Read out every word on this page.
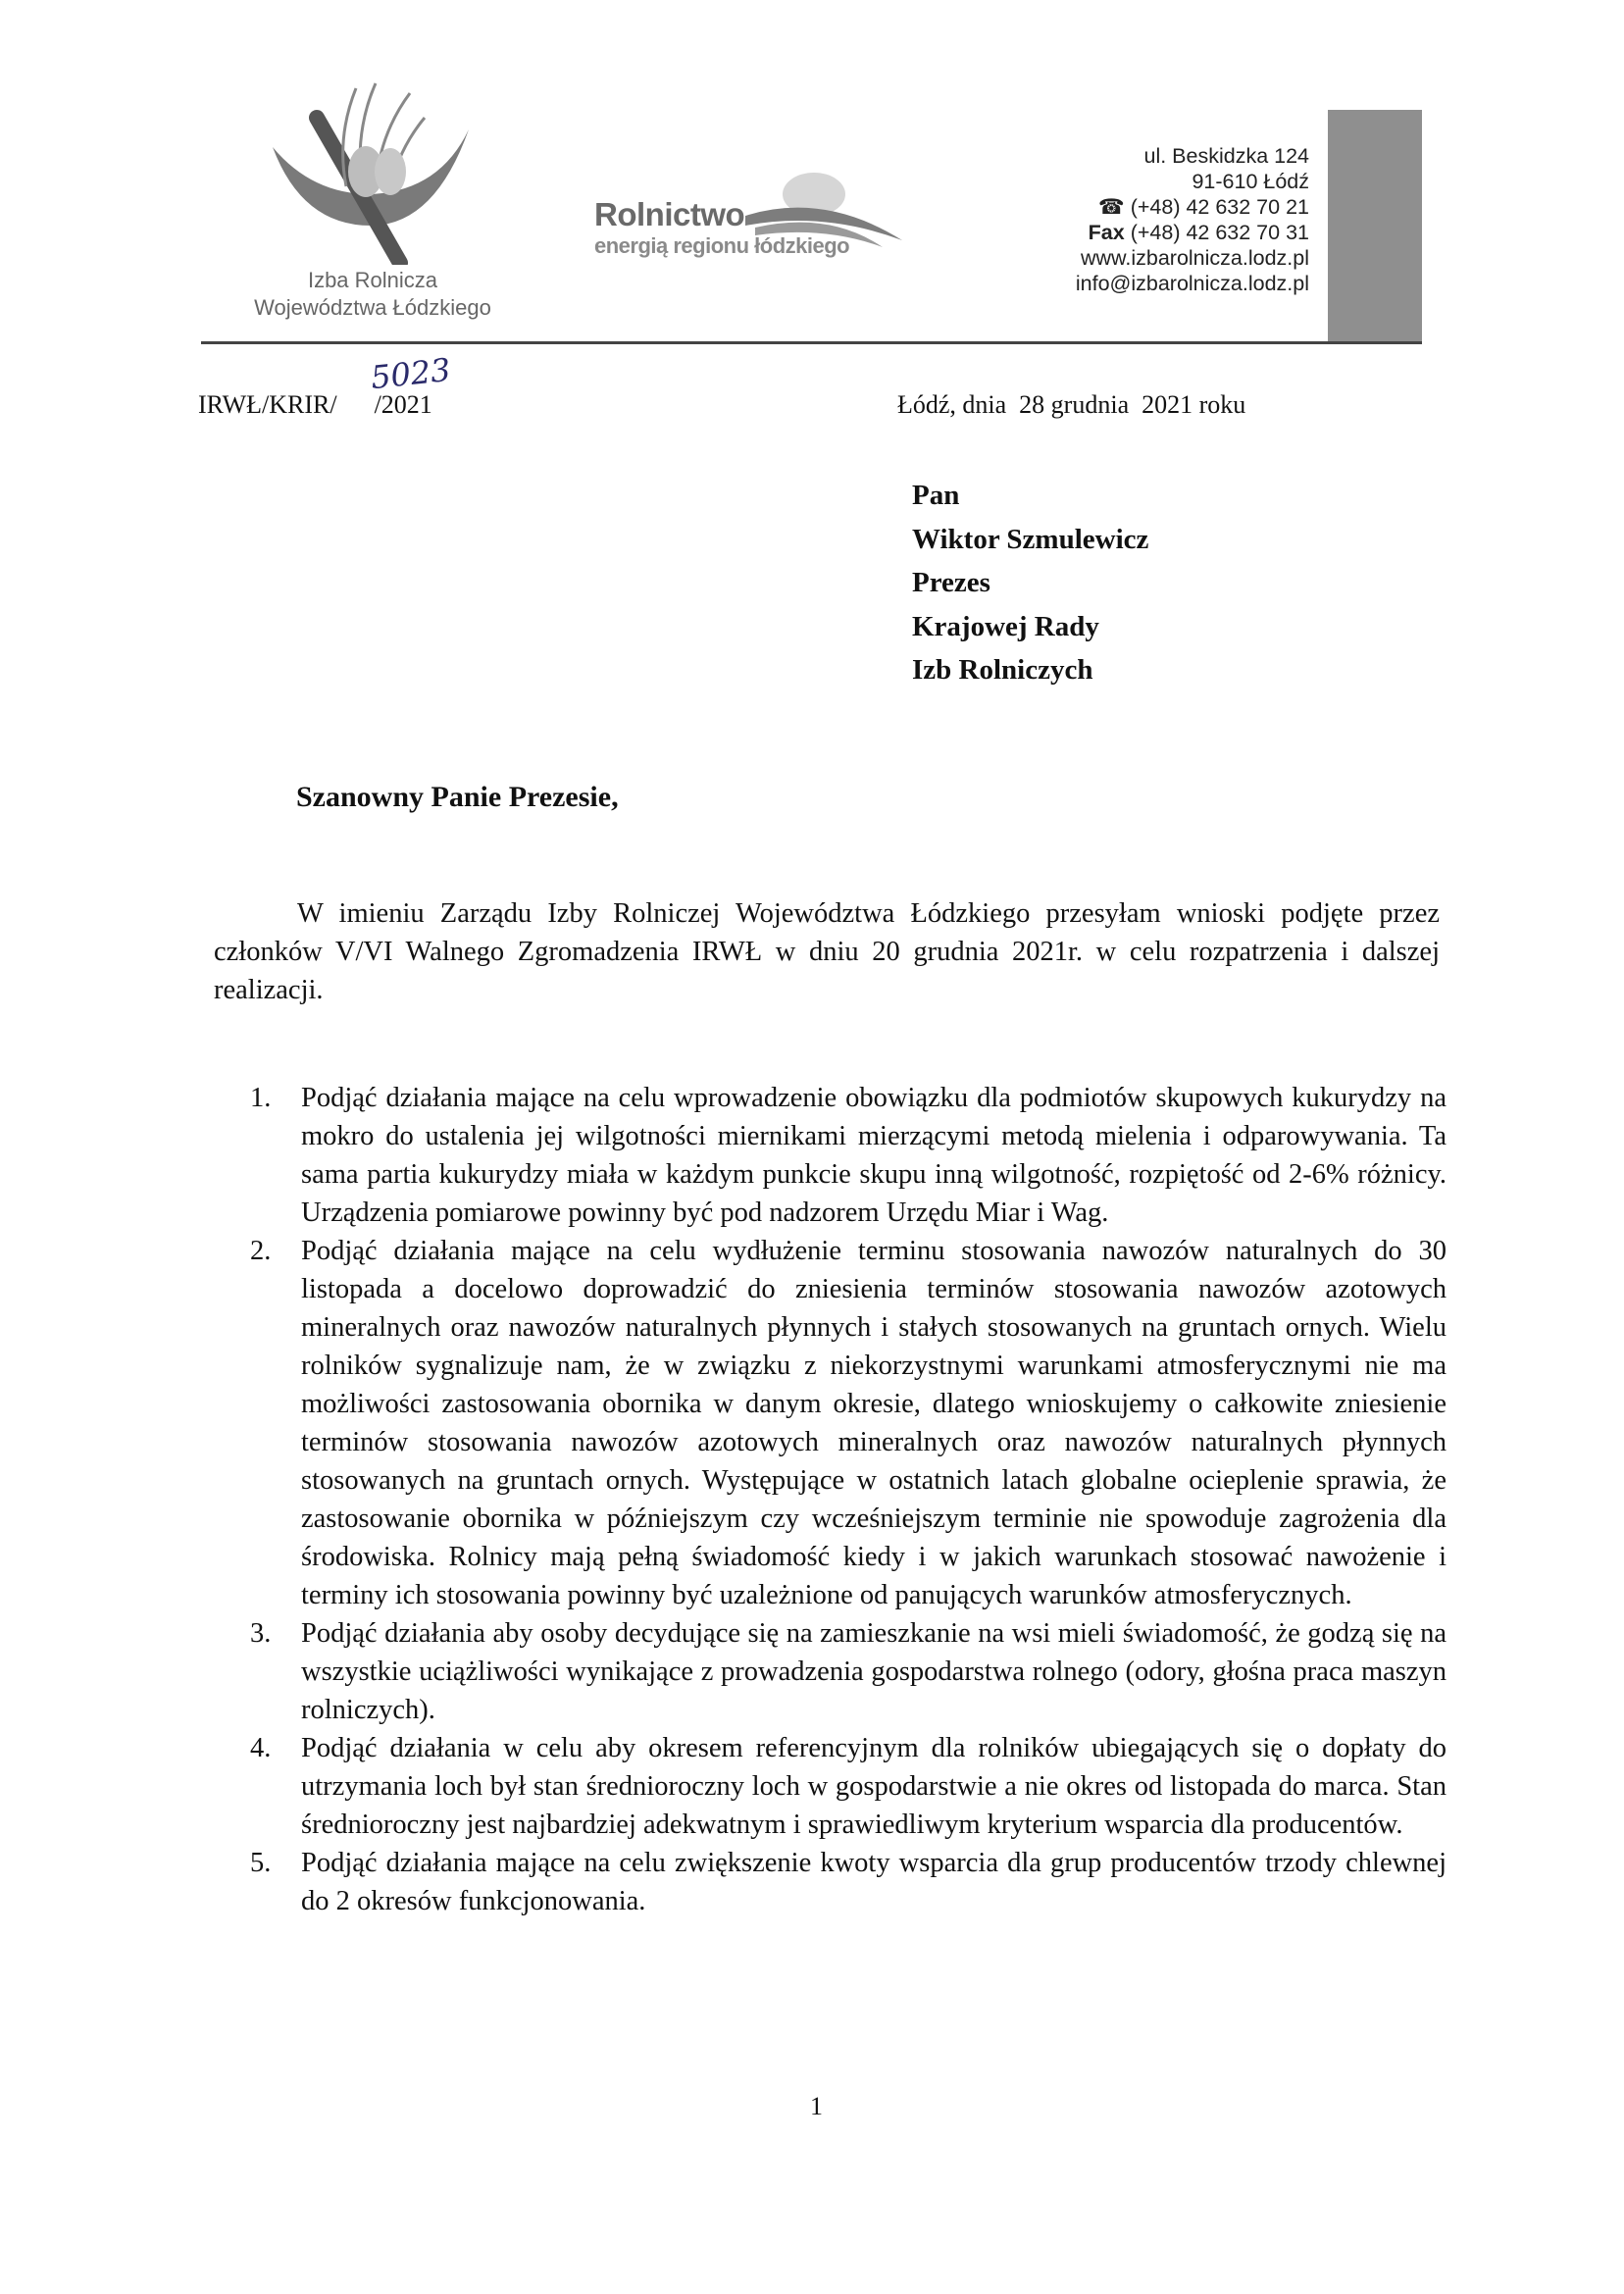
Izba Rolnicza
Województwa Łódzkiego
Rolnictwo
energią regionu łódzkiego
ul. Beskidzka 124
91-610 Łódź
☎ (+48) 42 632 70 21
Fax (+48) 42 632 70 31
www.izbarolnicza.lodz.pl
info@izbarolnicza.lodz.pl
5023
IRWŁ/KRIR/ /2021	Łódź, dnia  28 grudnia  2021 roku
Pan
Wiktor Szmulewicz
Prezes
Krajowej Rady
Izb Rolniczych
Szanowny Panie Prezesie,
W imieniu Zarządu Izby Rolniczej Województwa Łódzkiego przesyłam wnioski podjęte przez członków V/VI Walnego Zgromadzenia IRWŁ w dniu 20 grudnia 2021r. w celu rozpatrzenia i dalszej realizacji.
1. Podjąć działania mające na celu wprowadzenie obowiązku dla podmiotów skupowych kukurydzy na mokro do ustalenia jej wilgotności miernikami mierzącymi metodą mielenia i odparowywania. Ta sama partia kukurydzy miała w każdym punkcie skupu inną wilgotność, rozpiętość od 2-6% różnicy. Urządzenia pomiarowe powinny być pod nadzorem Urzędu Miar i Wag.
2. Podjąć działania mające na celu wydłużenie terminu stosowania nawozów naturalnych do 30 listopada a docelowo doprowadzić do zniesienia terminów stosowania nawozów azotowych mineralnych oraz nawozów naturalnych płynnych i stałych stosowanych na gruntach ornych. Wielu rolników sygnalizuje nam, że w związku z niekorzystnymi warunkami atmosferycznymi nie ma możliwości zastosowania obornika w danym okresie, dlatego wnioskujemy o całkowite zniesienie terminów stosowania nawozów azotowych mineralnych oraz nawozów naturalnych płynnych stosowanych na gruntach ornych. Występujące w ostatnich latach globalne ocieplenie sprawia, że zastosowanie obornika w późniejszym czy wcześniejszym terminie nie spowoduje zagrożenia dla środowiska. Rolnicy mają pełną świadomość kiedy i w jakich warunkach stosować nawożenie i terminy ich stosowania powinny być uzależnione od panujących warunków atmosferycznych.
3. Podjąć działania aby osoby decydujące się na zamieszkanie na wsi mieli świadomość, że godzą się na wszystkie uciążliwości wynikające z prowadzenia gospodarstwa rolnego (odory, głośna praca maszyn rolniczych).
4. Podjąć działania w celu aby okresem referencyjnym dla rolników ubiegających się o dopłaty do utrzymania loch był stan średnioroczny loch w gospodarstwie a nie okres od listopada do marca. Stan średnioroczny jest najbardziej adekwatnym i sprawiedliwym kryterium wsparcia dla producentów.
5. Podjąć działania mające na celu zwiększenie kwoty wsparcia dla grup producentów trzody chlewnej do 2 okresów funkcjonowania.
1
